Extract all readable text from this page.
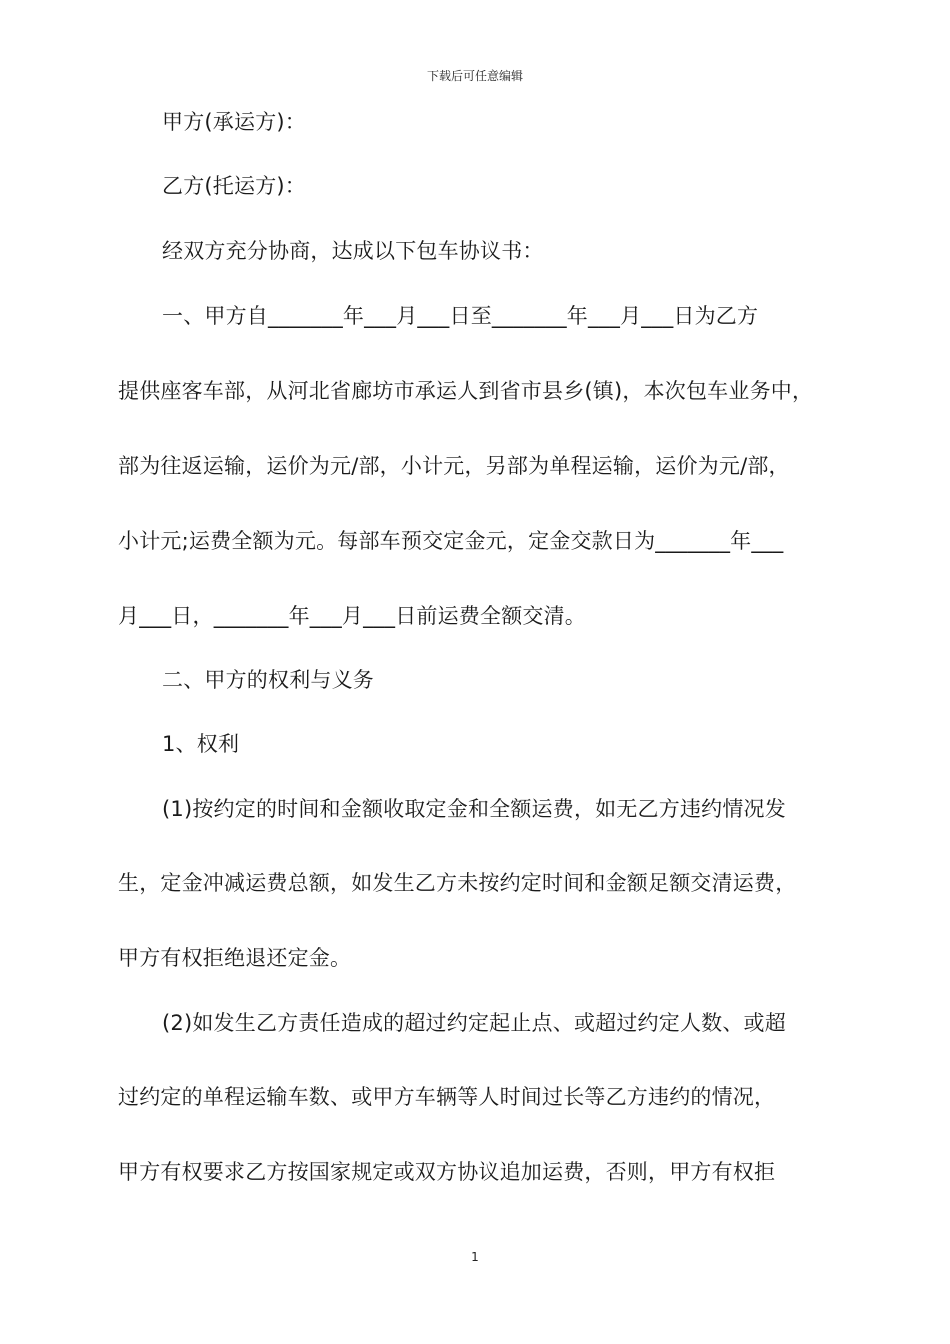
下载后可任意编辑
甲方(承运方)：
乙方(托运方)：
经双方充分协商，达成以下包车协议书：
一、甲方自_______年___月___日至_______年___月___日为乙方
提供座客车部，从河北省廊坊市承运人到省市县乡(镇)，本次包车业务中，
部为往返运输，运价为元/部，小计元，另部为单程运输，运价为元/部，
小计元;运费全额为元。每部车预交定金元，定金交款日为_______年___
月___日，_______年___月___日前运费全额交清。
二、甲方的权利与义务
1、权利
(1)按约定的时间和金额收取定金和全额运费，如无乙方违约情况发
生，定金冲减运费总额，如发生乙方未按约定时间和金额足额交清运费，
甲方有权拒绝退还定金。
(2)如发生乙方责任造成的超过约定起止点、或超过约定人数、或超
过约定的单程运输车数、或甲方车辆等人时间过长等乙方违约的情况，
甲方有权要求乙方按国家规定或双方协议追加运费，否则，甲方有权拒
1
